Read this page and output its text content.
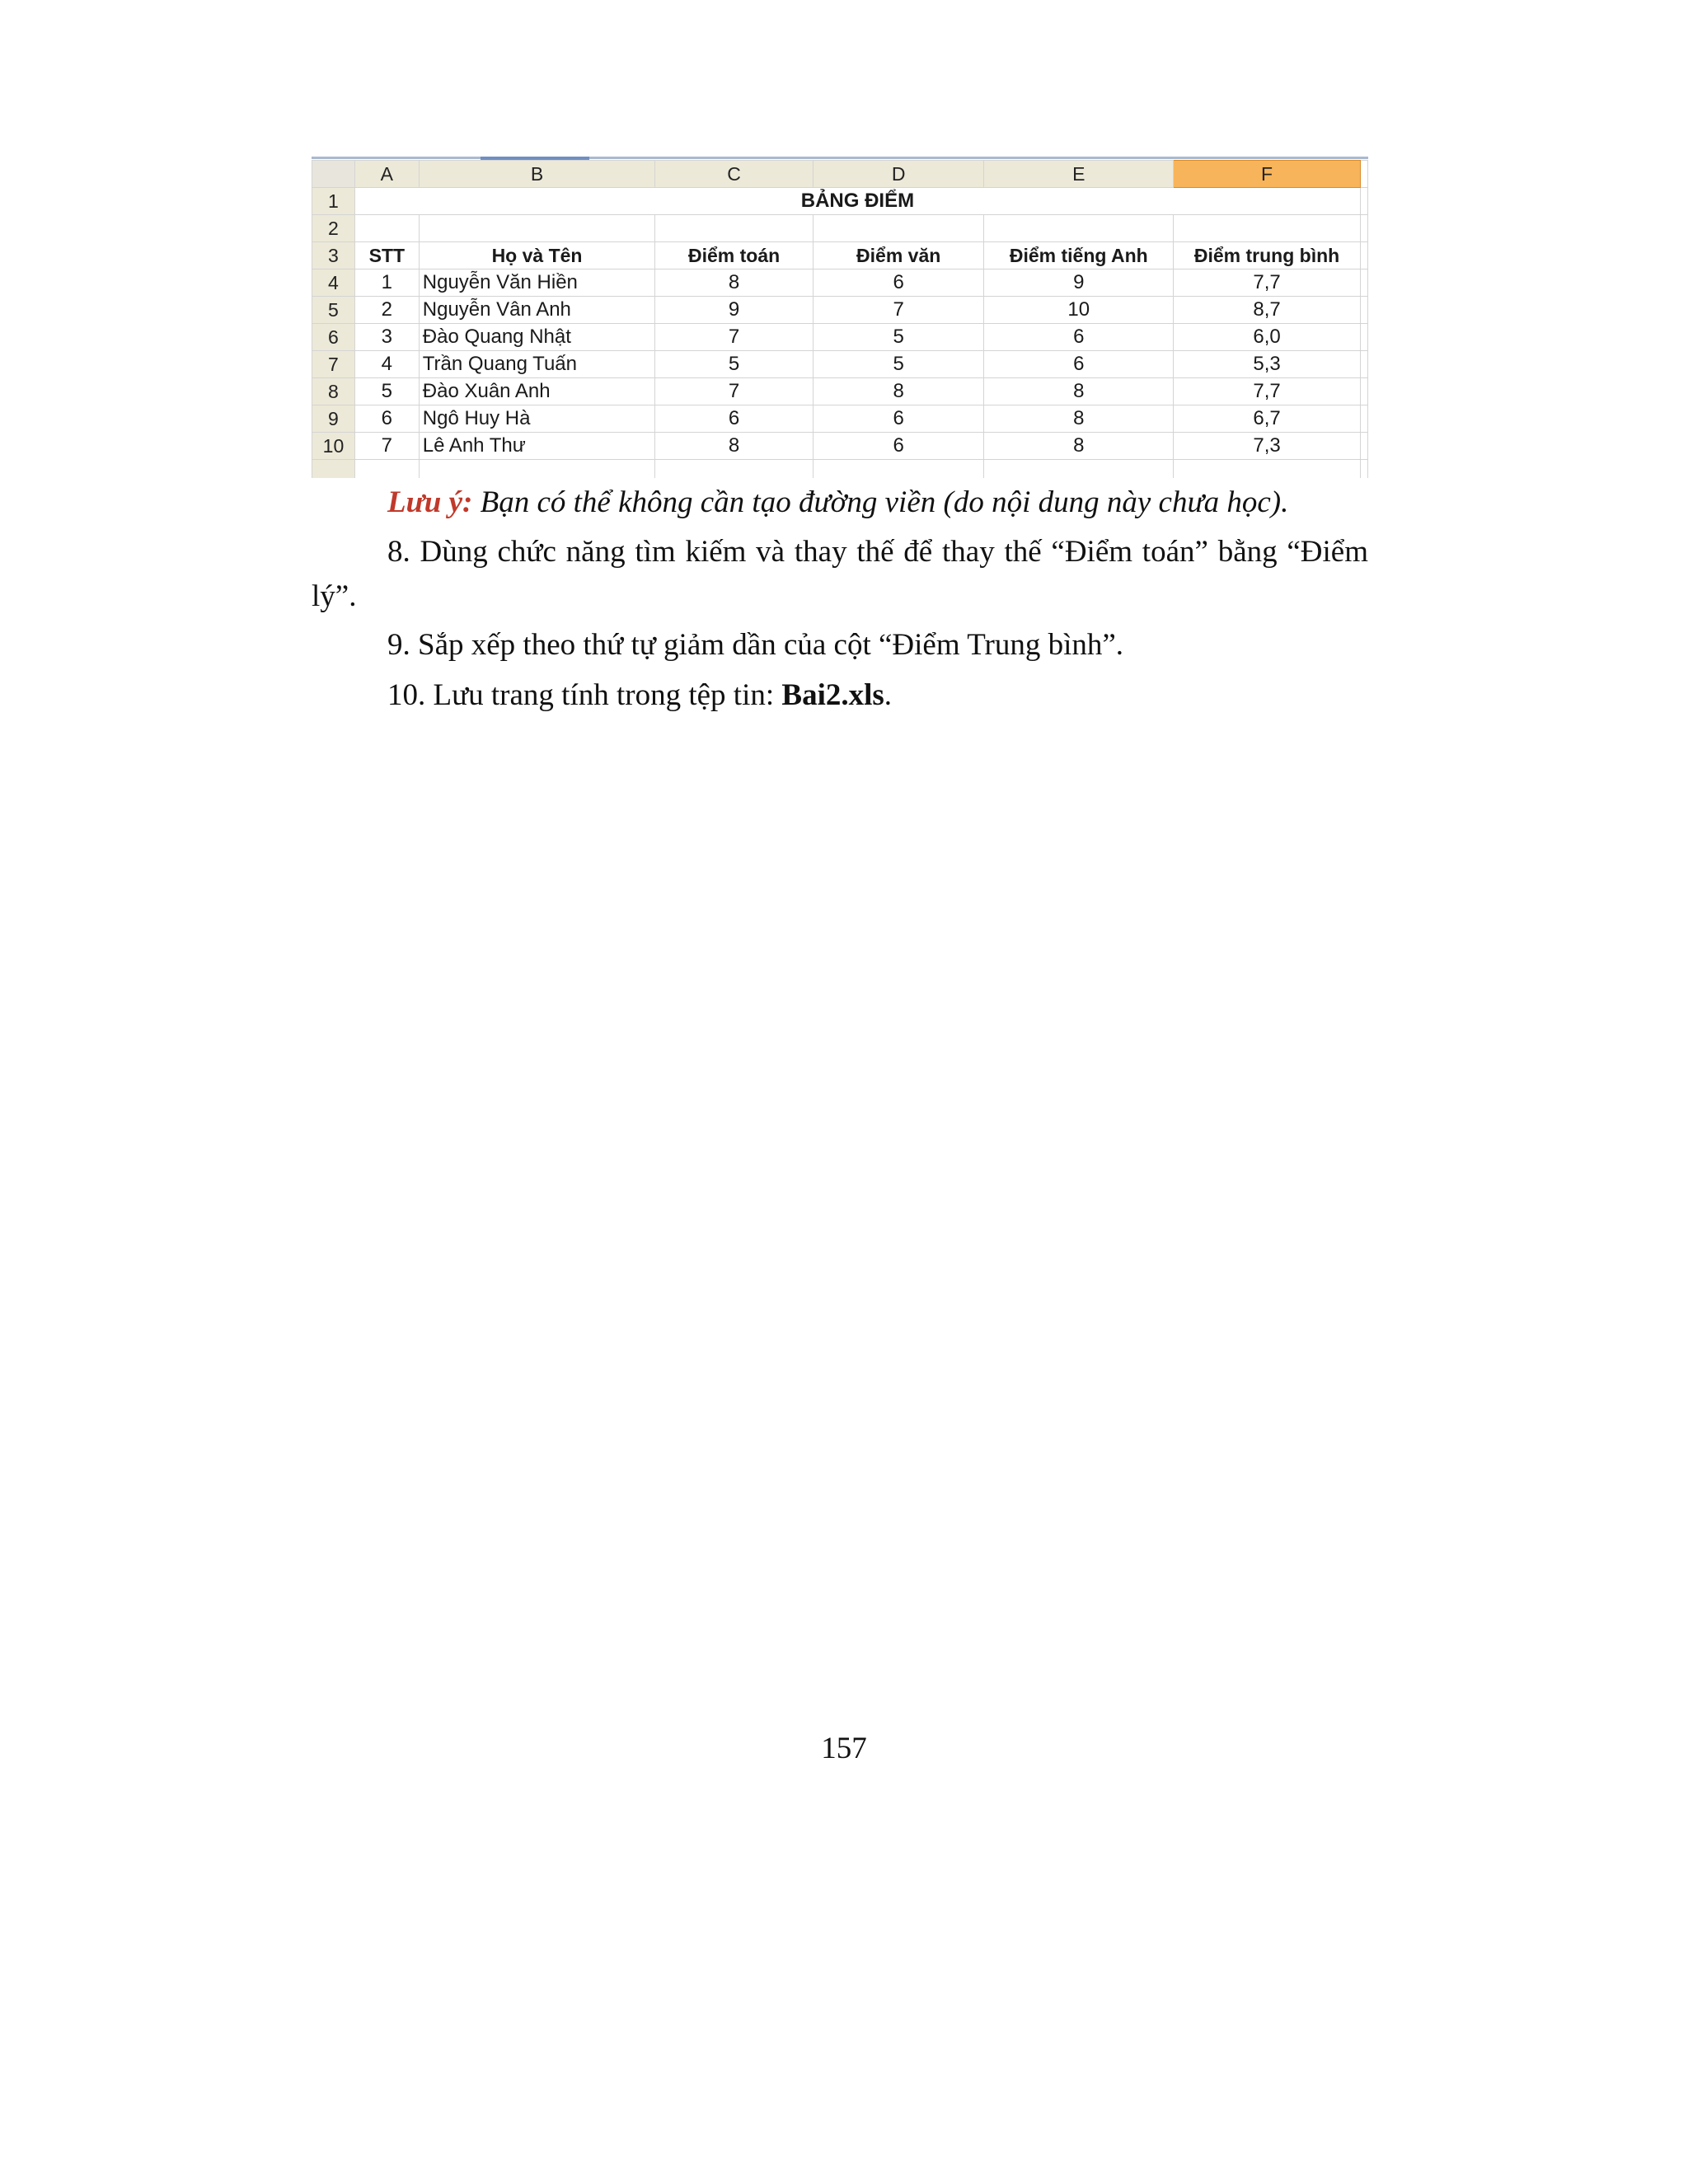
	A	B	C	D	E	F	
1	BẢNG ĐIỂM						
2							
3	STT	Họ và Tên	Điểm toán	Điểm văn	Điểm tiếng Anh	Điểm trung bình	
4	1	Nguyễn Văn Hiền	8	6	9	7,7	
5	2	Nguyễn Vân Anh	9	7	10	8,7	
6	3	Đào Quang Nhật	7	5	6	6,0	
7	4	Trần Quang Tuấn	5	5	6	5,3	
8	5	Đào Xuân Anh	7	8	8	7,7	
9	6	Ngô Huy Hà	6	6	8	6,7	
10	7	Lê Anh Thư	8	6	8	7,3	

Lưu ý: Bạn có thể không cần tạo đường viền (do nội dung này chưa học).

8. Dùng chức năng tìm kiếm và thay thế để thay thế “Điểm toán” bằng “Điểm lý”.

9. Sắp xếp theo thứ tự giảm dần của cột “Điểm Trung bình”.

10. Lưu trang tính trong tệp tin: Bai2.xls.

157
